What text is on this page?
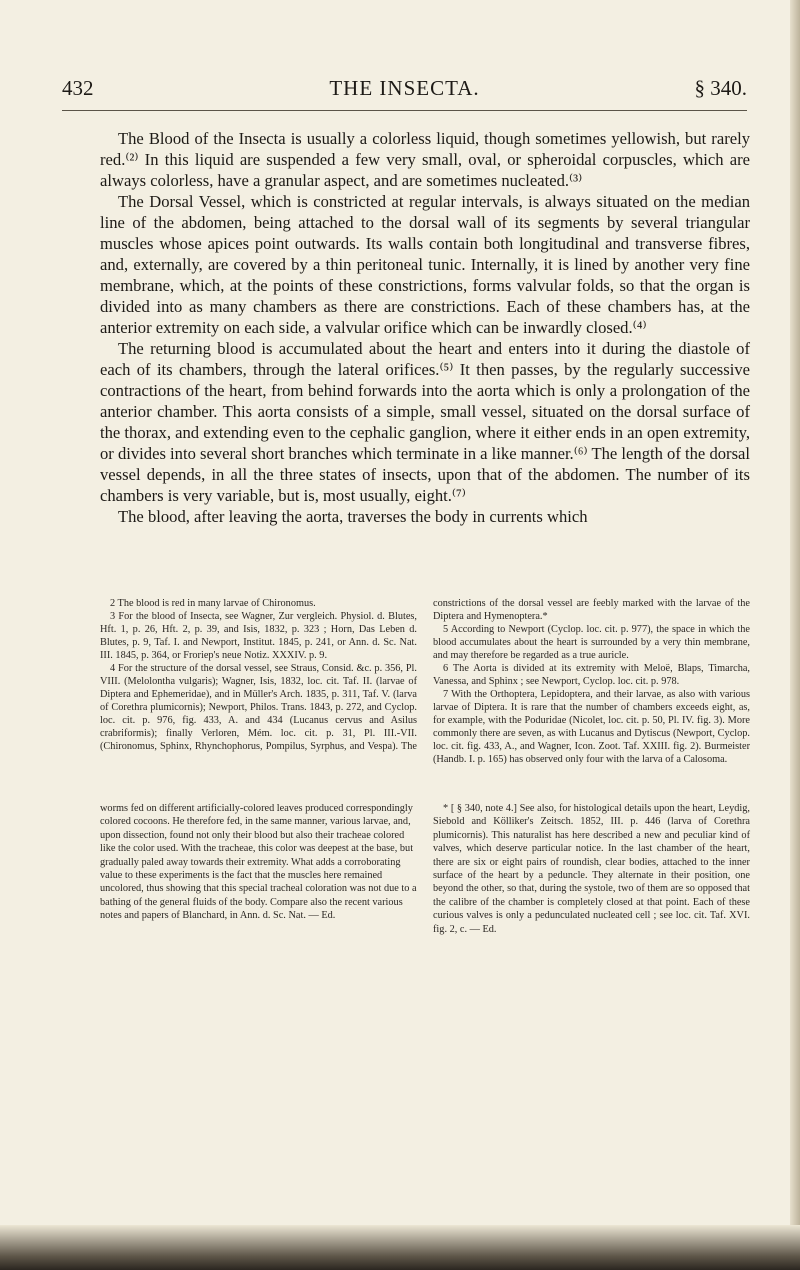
432	THE INSECTA.	§ 340.

The Blood of the Insecta is usually a colorless liquid, though sometimes yellowish, but rarely red.⁽²⁾ In this liquid are suspended a few very small, oval, or spheroidal corpuscles, which are always colorless, have a granular aspect, and are sometimes nucleated.⁽³⁾

The Dorsal Vessel, which is constricted at regular intervals, is always situated on the median line of the abdomen, being attached to the dorsal wall of its segments by several triangular muscles whose apices point outwards. Its walls contain both longitudinal and transverse fibres, and, externally, are covered by a thin peritoneal tunic. Internally, it is lined by another very fine membrane, which, at the points of these constrictions, forms valvular folds, so that the organ is divided into as many chambers as there are constrictions. Each of these chambers has, at the anterior extremity on each side, a valvular orifice which can be inwardly closed.⁽⁴⁾

The returning blood is accumulated about the heart and enters into it during the diastole of each of its chambers, through the lateral orifices.⁽⁵⁾ It then passes, by the regularly successive contractions of the heart, from behind forwards into the aorta which is only a prolongation of the anterior chamber. This aorta consists of a simple, small vessel, situated on the dorsal surface of the thorax, and extending even to the cephalic ganglion, where it either ends in an open extremity, or divides into several short branches which terminate in a like manner.⁽⁶⁾ The length of the dorsal vessel depends, in all the three states of insects, upon that of the abdomen. The number of its chambers is very variable, but is, most usually, eight.⁽⁷⁾

The blood, after leaving the aorta, traverses the body in currents which

2 The blood is red in many larvae of Chironomus.

3 For the blood of Insecta, see Wagner, Zur vergleich. Physiol. d. Blutes, Hft. 1, p. 26, Hft. 2, p. 39, and Isis, 1832, p. 323 ; Horn, Das Leben d. Blutes, p. 9, Taf. I. and Newport, Institut. 1845, p. 241, or Ann. d. Sc. Nat. III. 1845, p. 364, or Froriep's neue Notiz. XXXIV. p. 9.

4 For the structure of the dorsal vessel, see Straus, Consid. &c. p. 356, Pl. VIII. (Melolontha vulgaris); Wagner, Isis, 1832, loc. cit. Taf. II. (larvae of Diptera and Ephemeridae), and in Müller's Arch. 1835, p. 311, Taf. V. (larva of Corethra plumicornis); Newport, Philos. Trans. 1843, p. 272, and Cyclop. loc. cit. p. 976, fig. 433, A. and 434 (Lucanus cervus and Asilus crabriformis); finally Verloren, Mém. loc. cit. p. 31, Pl. III.-VII. (Chironomus, Sphinx, Rhynchophorus, Pompilus, Syrphus, and Vespa). The constrictions of the dorsal vessel are feebly marked with the larvae of the Diptera and Hymenoptera.*

5 According to Newport (Cyclop. loc. cit. p. 977), the space in which the blood accumulates about the heart is surrounded by a very thin membrane, and may therefore be regarded as a true auricle.

6 The Aorta is divided at its extremity with Meloë, Blaps, Timarcha, Vanessa, and Sphinx ; see Newport, Cyclop. loc. cit. p. 978.

7 With the Orthoptera, Lepidoptera, and their larvae, as also with various larvae of Diptera. It is rare that the number of chambers exceeds eight, as, for example, with the Poduridae (Nicolet, loc. cit. p. 50, Pl. IV. fig. 3). More commonly there are seven, as with Lucanus and Dytiscus (Newport, Cyclop. loc. cit. fig. 433, A., and Wagner, Icon. Zoot. Taf. XXIII. fig. 2). Burmeister (Handb. I. p. 165) has observed only four with the larva of a Calosoma.

worms fed on different artificially-colored leaves produced correspondingly colored cocoons. He therefore fed, in the same manner, various larvae, and, upon dissection, found not only their blood but also their tracheae colored like the color used. With the tracheae, this color was deepest at the base, but gradually paled away towards their extremity. What adds a corroborating value to these experiments is the fact that the muscles here remained uncolored, thus showing that this special tracheal coloration was not due to a bathing of the general fluids of the body. Compare also the recent various notes and papers of Blanchard, in Ann. d. Sc. Nat. — Ed.

* [ § 340, note 4.] See also, for histological details upon the heart, Leydig, Siebold and Kölliker's Zeitsch. 1852, III. p. 446 (larva of Corethra plumicornis). This naturalist has here described a new and peculiar kind of valves, which deserve particular notice. In the last chamber of the heart, there are six or eight pairs of roundish, clear bodies, attached to the inner surface of the heart by a peduncle. They alternate in their position, one beyond the other, so that, during the systole, two of them are so opposed that the calibre of the chamber is completely closed at that point. Each of these curious valves is only a pedunculated nucleated cell ; see loc. cit. Taf. XVI. fig. 2, c. — Ed.
